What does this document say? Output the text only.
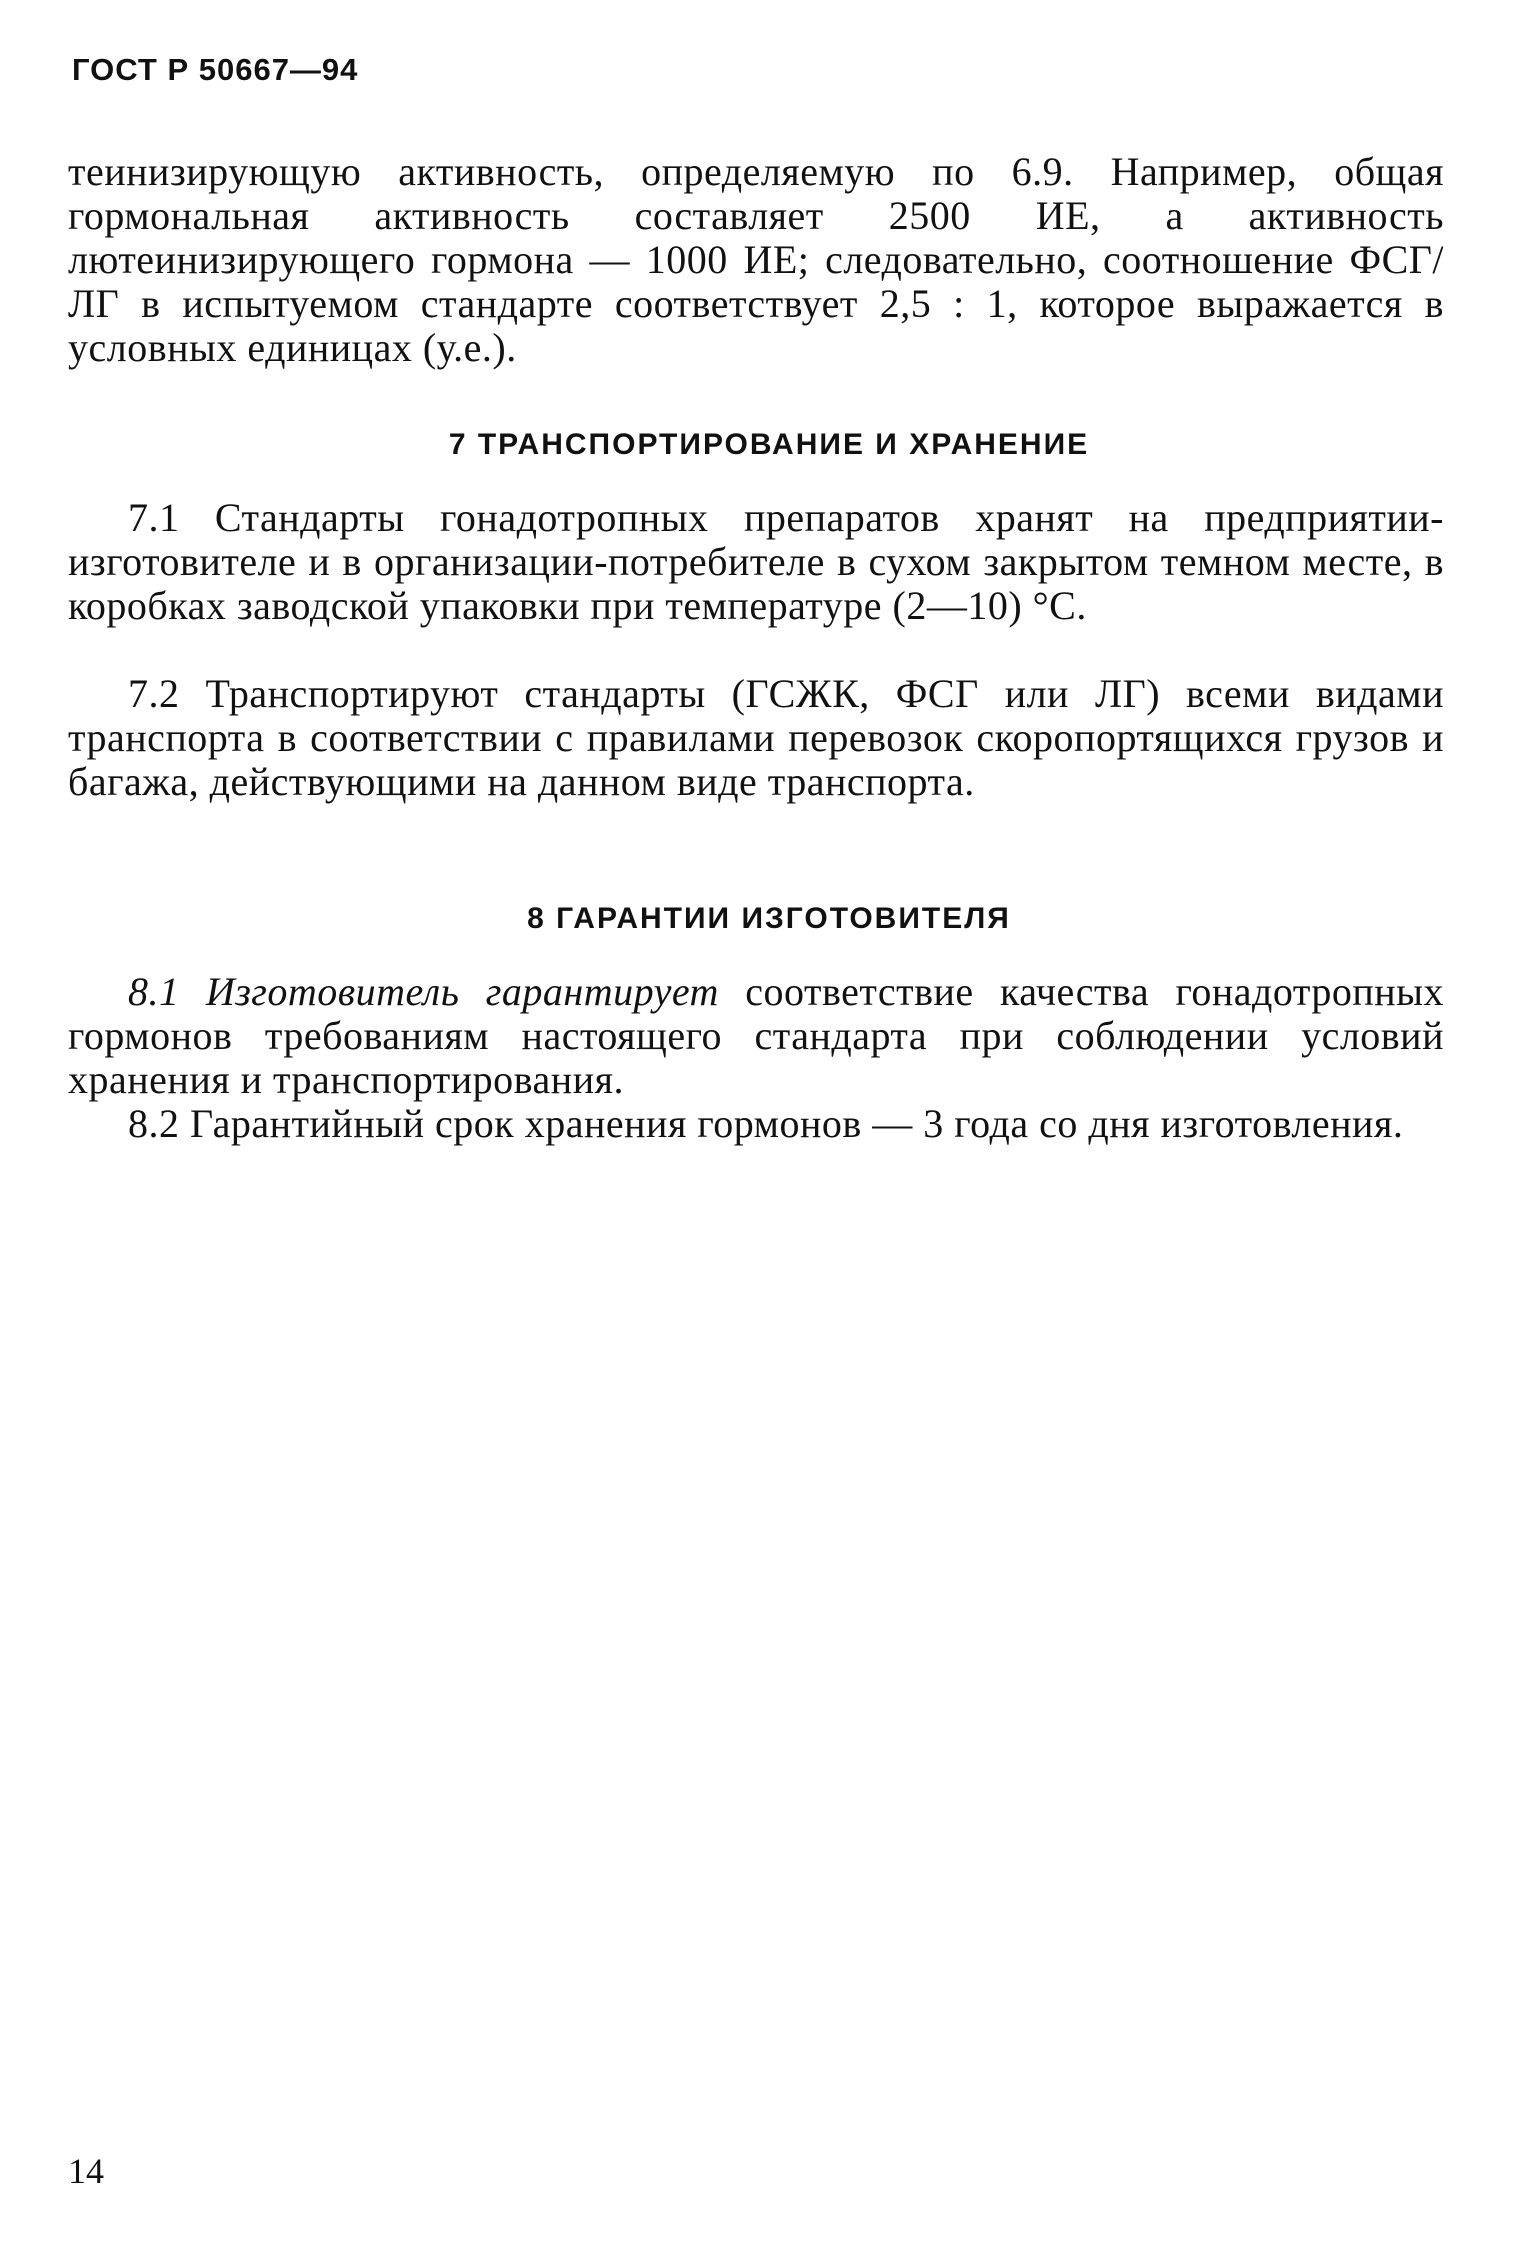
ГОСТ Р 50667—94

теинизирующую активность, определяемую по 6.9. Например, общая гормональная активность составляет 2500 ИЕ, а активность лютеинизирующего гормона — 1000 ИЕ; следовательно, соотношение ФСГ/ЛГ в испытуемом стандарте соответствует 2,5 : 1, которое выражается в условных единицах (у.е.).

7 ТРАНСПОРТИРОВАНИЕ И ХРАНЕНИЕ

7.1 Стандарты гонадотропных препаратов хранят на предприятии-изготовителе и в организации-потребителе в сухом закрытом темном месте, в коробках заводской упаковки при температуре (2—10) °С.

7.2 Транспортируют стандарты (ГСЖК, ФСГ или ЛГ) всеми видами транспорта в соответствии с правилами перевозок скоропортящихся грузов и багажа, действующими на данном виде транспорта.

8 ГАРАНТИИ ИЗГОТОВИТЕЛЯ

8.1 Изготовитель гарантирует соответствие качества гонадотропных гормонов требованиям настоящего стандарта при соблюдении условий хранения и транспортирования.

8.2 Гарантийный срок хранения гормонов — 3 года со дня изготовления.

14
